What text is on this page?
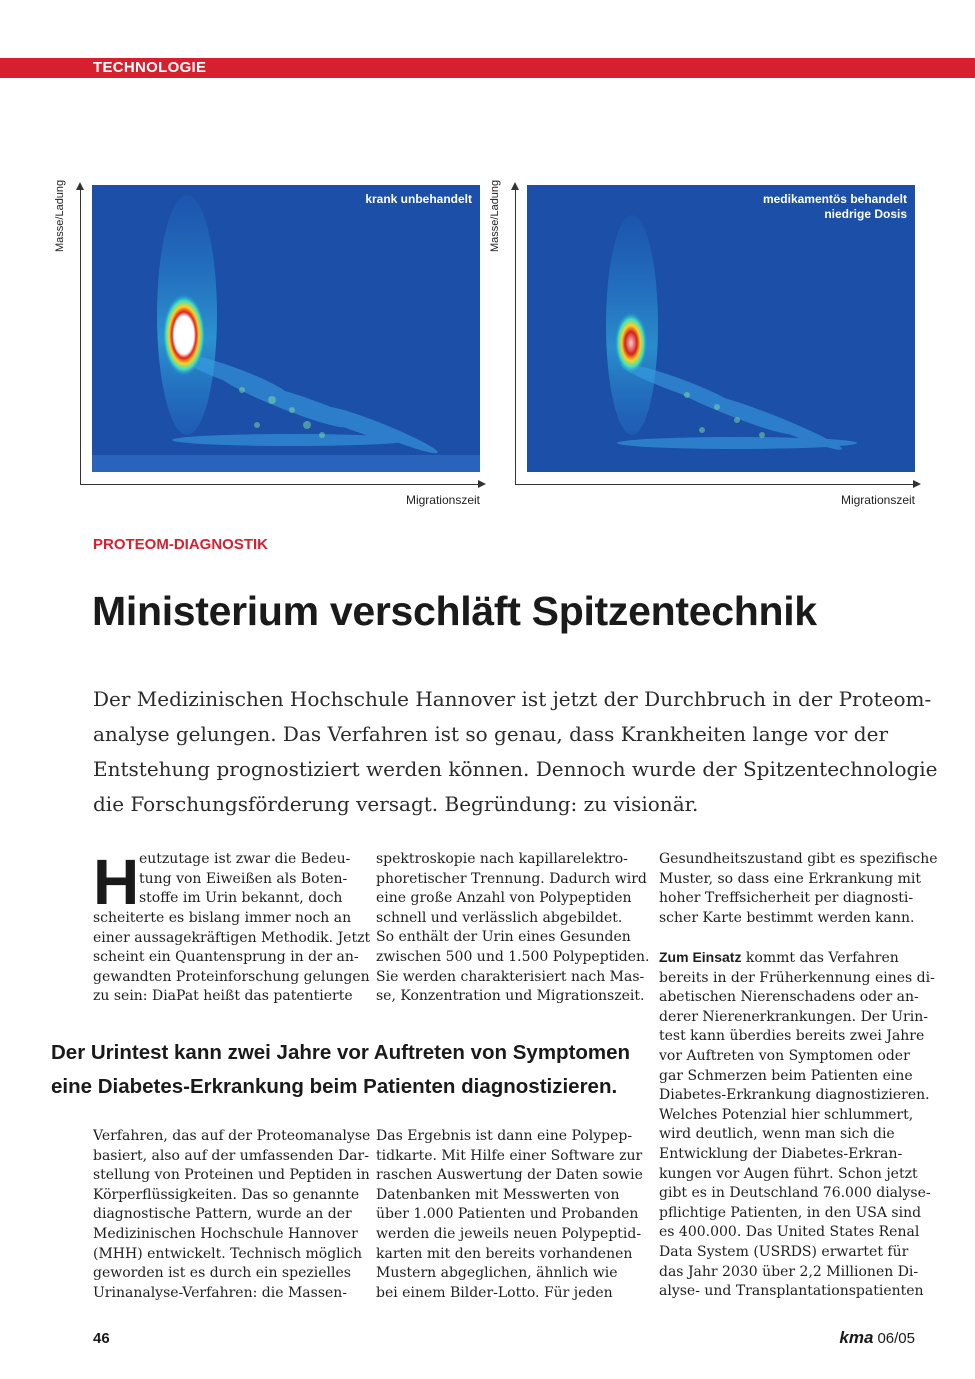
TECHNOLOGIE
Masse/Ladung	krank unbehandelt
Migrationszeit
Masse/Ladung	medikamentös behandelt
niedrige Dosis
Migrationszeit
PROTEOM-DIAGNOSTIK
Ministerium verschläft Spitzentechnik
Der Medizinischen Hochschule Hannover ist jetzt der Durchbruch in der Proteom-
analyse gelungen. Das Verfahren ist so genau, dass Krankheiten lange vor der
Entstehung prognostiziert werden können. Dennoch wurde der Spitzentechnologie
die Forschungsförderung versagt. Begründung: zu visionär.
H eutzutage ist zwar die Bedeu-
tung von Eiweißen als Boten-
stoffe im Urin bekannt, doch
scheiterte es bislang immer noch an
einer aussagekräftigen Methodik. Jetzt
scheint ein Quantensprung in der an-
gewandten Proteinforschung gelungen
zu sein: DiaPat heißt das patentierte
spektroskopie nach kapillarelektro-
phoretischer Trennung. Dadurch wird
eine große Anzahl von Polypeptiden
schnell und verlässlich abgebildet.
So enthält der Urin eines Gesunden
zwischen 500 und 1.500 Polypeptiden.
Sie werden charakterisiert nach Mas-
se, Konzentration und Migrationszeit.
Der Urintest kann zwei Jahre vor Auftreten von Symptomen
eine Diabetes-Erkrankung beim Patienten diagnostizieren.
Verfahren, das auf der Proteomanalyse
basiert, also auf der umfassenden Dar-
stellung von Proteinen und Peptiden in
Körperflüssigkeiten. Das so genannte
diagnostische Pattern, wurde an der
Medizinischen Hochschule Hannover
(MHH) entwickelt. Technisch möglich
geworden ist es durch ein spezielles
Urinanalyse-Verfahren: die Massen-
Das Ergebnis ist dann eine Polypep-
tidkarte. Mit Hilfe einer Software zur
raschen Auswertung der Daten sowie
Datenbanken mit Messwerten von
über 1.000 Patienten und Probanden
werden die jeweils neuen Polypeptid-
karten mit den bereits vorhandenen
Mustern abgeglichen, ähnlich wie
bei einem Bilder-Lotto. Für jeden
Gesundheitszustand gibt es spezifische
Muster, so dass eine Erkrankung mit
hoher Treffsicherheit per diagnosti-
scher Karte bestimmt werden kann.
Zum Einsatz kommt das Verfahren
bereits in der Früherkennung eines di-
abetischen Nierenschadens oder an-
derer Nierenerkrankungen. Der Urin-
test kann überdies bereits zwei Jahre
vor Auftreten von Symptomen oder
gar Schmerzen beim Patienten eine
Diabetes-Erkrankung diagnostizieren.
Welches Potenzial hier schlummert,
wird deutlich, wenn man sich die
Entwicklung der Diabetes-Erkran-
kungen vor Augen führt. Schon jetzt
gibt es in Deutschland 76.000 dialyse-
pflichtige Patienten, in den USA sind
es 400.000. Das United States Renal
Data System (USRDS) erwartet für
das Jahr 2030 über 2,2 Millionen Di-
alyse- und Transplantationspatienten
46	kma 06/05
